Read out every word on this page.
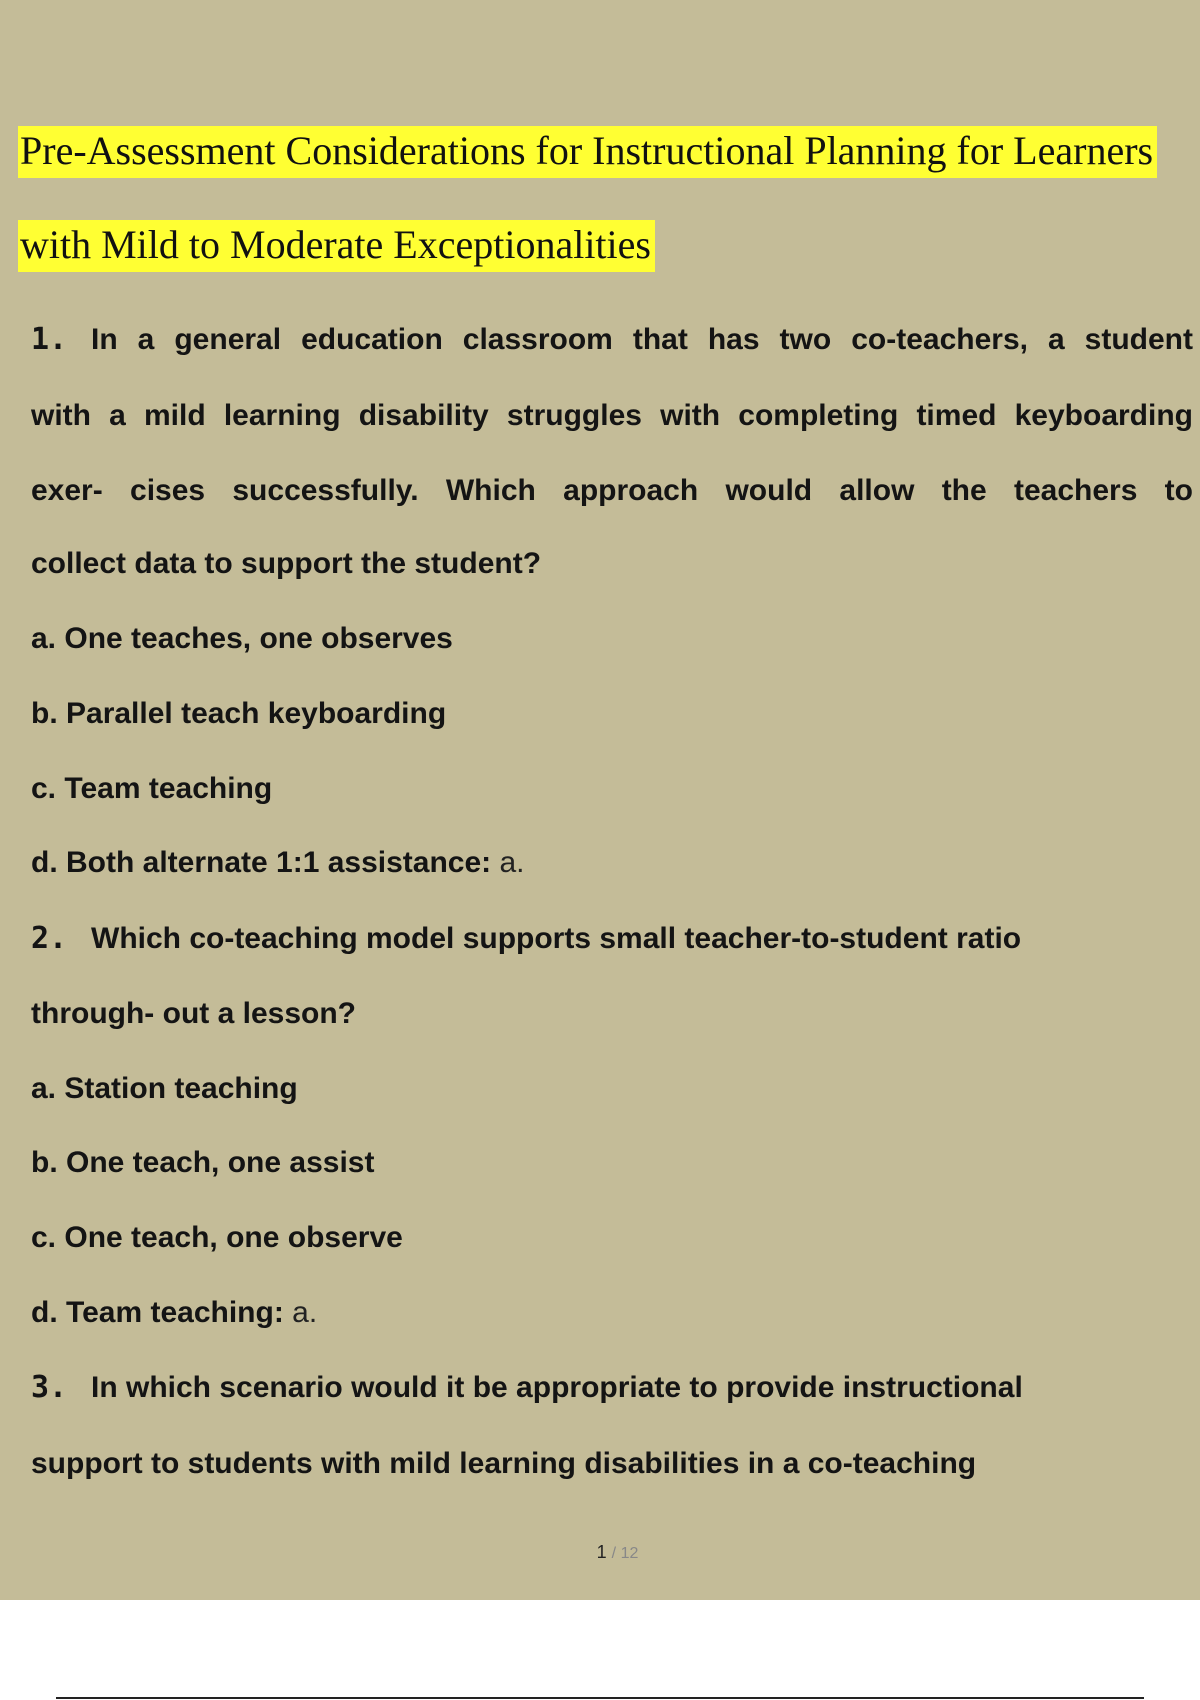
Pre-Assessment Considerations for Instructional Planning for Learners
with Mild to Moderate Exceptionalities
1. In a general education classroom that has two co-teachers, a student
with a mild learning disability struggles with completing timed keyboarding
exer- cises successfully. Which approach would allow the teachers to
collect data to support the student?
a. One teaches, one observes
b. Parallel teach keyboarding
c. Team teaching
d. Both alternate 1:1 assistance: a.
2. Which co-teaching model supports small teacher-to-student ratio
through- out a lesson?
a. Station teaching
b. One teach, one assist
c. One teach, one observe
d. Team teaching: a.
3. In which scenario would it be appropriate to provide instructional
support to students with mild learning disabilities in a co-teaching
1 / 12
